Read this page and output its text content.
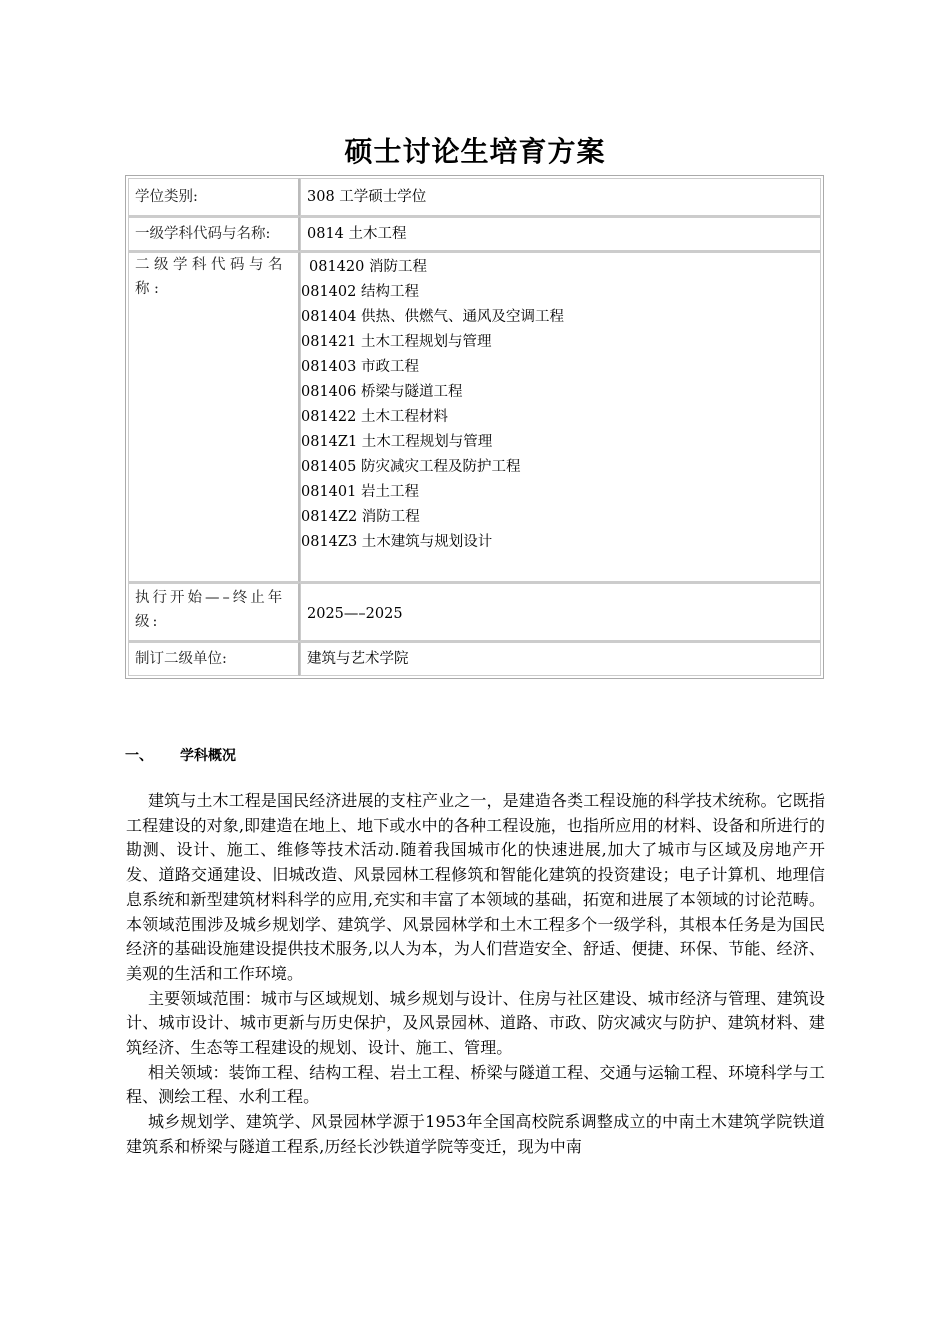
硕士讨论生培育方案
学位类别:	308 工学硕士学位
一级学科代码与名称:	0814 土木工程
二级学科代码与名称:
081420 消防工程
081402 结构工程
081404 供热、供燃气、通风及空调工程
081421 土木工程规划与管理
081403 市政工程
081406 桥梁与隧道工程
081422 土木工程材料
0814Z1 土木工程规划与管理
081405 防灾减灾工程及防护工程
081401 岩土工程
0814Z2 消防工程
0814Z3 土木建筑与规划设计
执行开始—–终止年级:	2025—–2025
制订二级单位:	建筑与艺术学院
一、 学科概况

建筑与土木工程是国民经济进展的支柱产业之一，是建造各类工程设施的科学技术统称。它既指工程建设的对象,即建造在地上、地下或水中的各种工程设施，也指所应用的材料、设备和所进行的勘测、设计、施工、维修等技术活动.随着我国城市化的快速进展,加大了城市与区域及房地产开发、道路交通建设、旧城改造、风景园林工程修筑和智能化建筑的投资建设；电子计算机、地理信息系统和新型建筑材料科学的应用,充实和丰富了本领域的基础，拓宽和进展了本领域的讨论范畴。本领域范围涉及城乡规划学、建筑学、风景园林学和土木工程多个一级学科，其根本任务是为国民经济的基础设施建设提供技术服务,以人为本，为人们营造安全、舒适、便捷、环保、节能、经济、美观的生活和工作环境。

主要领域范围：城市与区域规划、城乡规划与设计、住房与社区建设、城市经济与管理、建筑设计、城市设计、城市更新与历史保护，及风景园林、道路、市政、防灾减灾与防护、建筑材料、建筑经济、生态等工程建设的规划、设计、施工、管理。

相关领域：装饰工程、结构工程、岩土工程、桥梁与隧道工程、交通与运输工程、环境科学与工程、测绘工程、水利工程。

城乡规划学、建筑学、风景园林学源于1953年全国高校院系调整成立的中南土木建筑学院铁道建筑系和桥梁与隧道工程系,历经长沙铁道学院等变迁，现为中南
